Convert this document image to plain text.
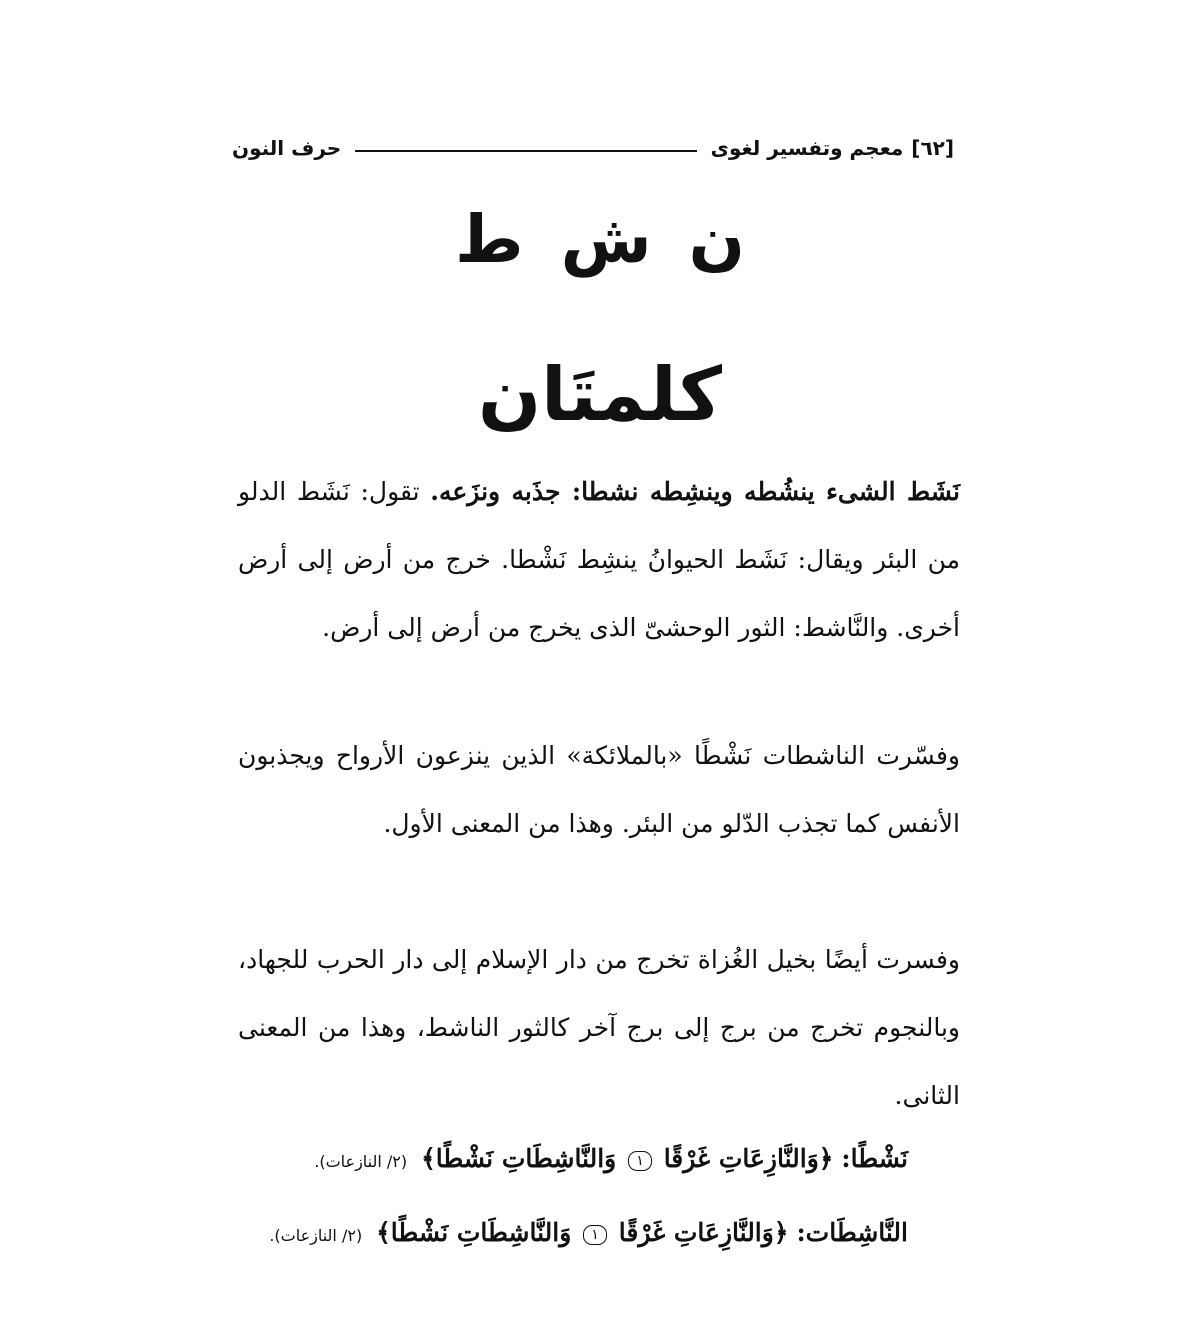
[٦٢]
معجم وتفسير لغوى
حرف النون
ن ش ط
كلمتَان
نَشَط الشىء ينشُطه وينشِطه نشطا: جذَبه ونزَعه. تقول: نَشَط الدلو من البئر ويقال: نَشَط الحيوانُ ينشِط نَشْطا. خرج من أرض إلى أرض أخرى. والنَّاشط: الثور الوحشىّ الذى يخرج من أرض إلى أرض.
وفسّرت الناشطات نَشْطًا «بالملائكة» الذين ينزعون الأرواح ويجذبون الأنفس كما تجذب الدّلو من البئر. وهذا من المعنى الأول.
وفسرت أيضًا بخيل الغُزاة تخرج من دار الإسلام إلى دار الحرب للجهاد، وبالنجوم تخرج من برج إلى برج آخر كالثور الناشط، وهذا من المعنى الثانى.
نَشْطًا: ﴿وَالنَّازِعَاتِ غَرْقًا ١ وَالنَّاشِطَاتِ نَشْطًا﴾ (٢/ النازعات).
النَّاشِطَات: ﴿وَالنَّازِعَاتِ غَرْقًا ١ وَالنَّاشِطَاتِ نَشْطًا﴾ (٢/ النازعات).
